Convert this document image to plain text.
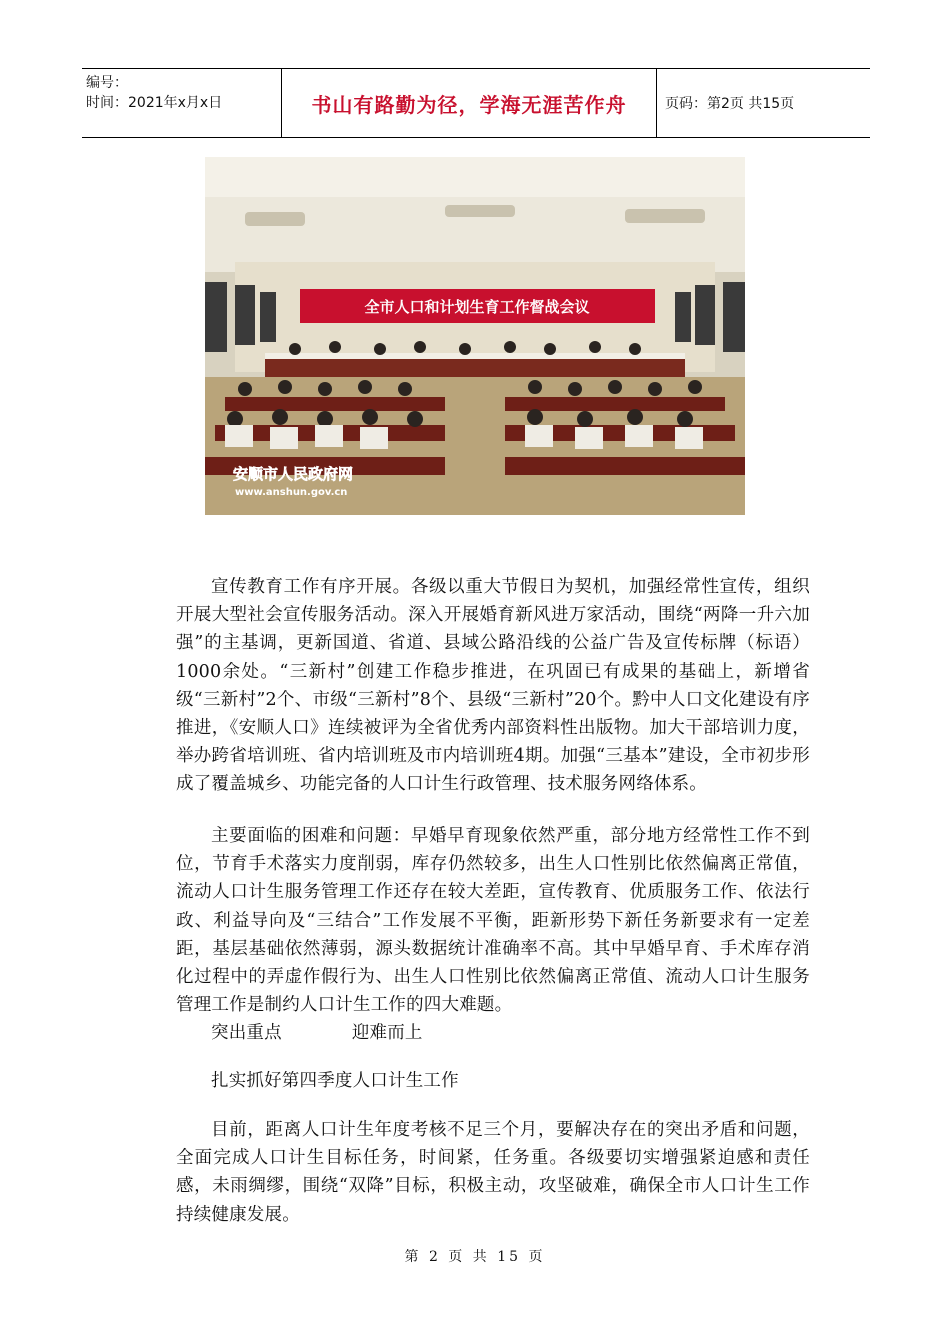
编号：
时间：2021年x月x日	书山有路勤为径，学海无涯苦作舟	页码：第2页 共15页
全市人口和计划生育工作督战会议
安顺市人民政府网
www.anshun.gov.cn

宣传教育工作有序开展。各级以重大节假日为契机，加强经常性宣传，组织开展大型社会宣传服务活动。深入开展婚育新风进万家活动，围绕“两降一升六加强”的主基调，更新国道、省道、县域公路沿线的公益广告及宣传标牌（标语）1000余处。“三新村”创建工作稳步推进，在巩固已有成果的基础上，新增省级“三新村”2个、市级“三新村”8个、县级“三新村”20个。黔中人口文化建设有序推进，《安顺人口》连续被评为全省优秀内部资料性出版物。加大干部培训力度，举办跨省培训班、省内培训班及市内培训班4期。加强“三基本”建设，全市初步形成了覆盖城乡、功能完备的人口计生行政管理、技术服务网络体系。

主要面临的困难和问题：早婚早育现象依然严重，部分地方经常性工作不到位，节育手术落实力度削弱，库存仍然较多，出生人口性别比依然偏离正常值，流动人口计生服务管理工作还存在较大差距，宣传教育、优质服务工作、依法行政、利益导向及“三结合”工作发展不平衡，距新形势下新任务新要求有一定差距，基层基础依然薄弱，源头数据统计准确率不高。其中早婚早育、手术库存消化过程中的弄虚作假行为、出生人口性别比依然偏离正常值、流动人口计生服务管理工作是制约人口计生工作的四大难题。

突出重点	迎难而上

扎实抓好第四季度人口计生工作

目前，距离人口计生年度考核不足三个月，要解决存在的突出矛盾和问题，全面完成人口计生目标任务，时间紧，任务重。各级要切实增强紧迫感和责任感，未雨绸缪，围绕“双降”目标，积极主动，攻坚破难，确保全市人口计生工作持续健康发展。

第 2 页 共 15 页
